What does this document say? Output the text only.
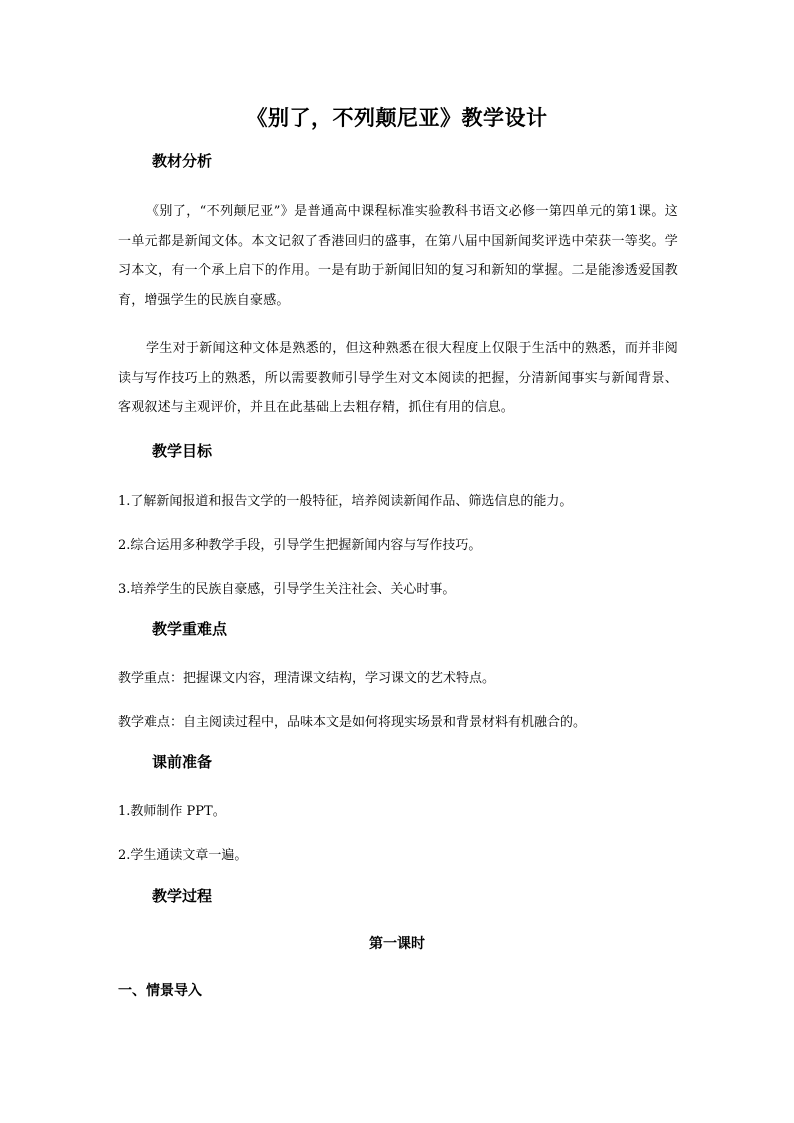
《别了，不列颠尼亚》教学设计
教材分析
《别了，“不列颠尼亚”》是普通高中课程标准实验教科书语文必修一第四单元的第1课。这一单元都是新闻文体。本文记叙了香港回归的盛事，在第八届中国新闻奖评选中荣获一等奖。学习本文，有一个承上启下的作用。一是有助于新闻旧知的复习和新知的掌握。二是能渗透爱国教育，增强学生的民族自豪感。
学生对于新闻这种文体是熟悉的，但这种熟悉在很大程度上仅限于生活中的熟悉，而并非阅读与写作技巧上的熟悉，所以需要教师引导学生对文本阅读的把握，分清新闻事实与新闻背景、客观叙述与主观评价，并且在此基础上去粗存精，抓住有用的信息。
教学目标
1.了解新闻报道和报告文学的一般特征，培养阅读新闻作品、筛选信息的能力。
2.综合运用多种教学手段，引导学生把握新闻内容与写作技巧。
3.培养学生的民族自豪感，引导学生关注社会、关心时事。
教学重难点
教学重点：把握课文内容，理清课文结构，学习课文的艺术特点。
教学难点：自主阅读过程中，品味本文是如何将现实场景和背景材料有机融合的。
课前准备
1.教师制作 PPT。
2.学生通读文章一遍。
教学过程
第一课时
一、情景导入
